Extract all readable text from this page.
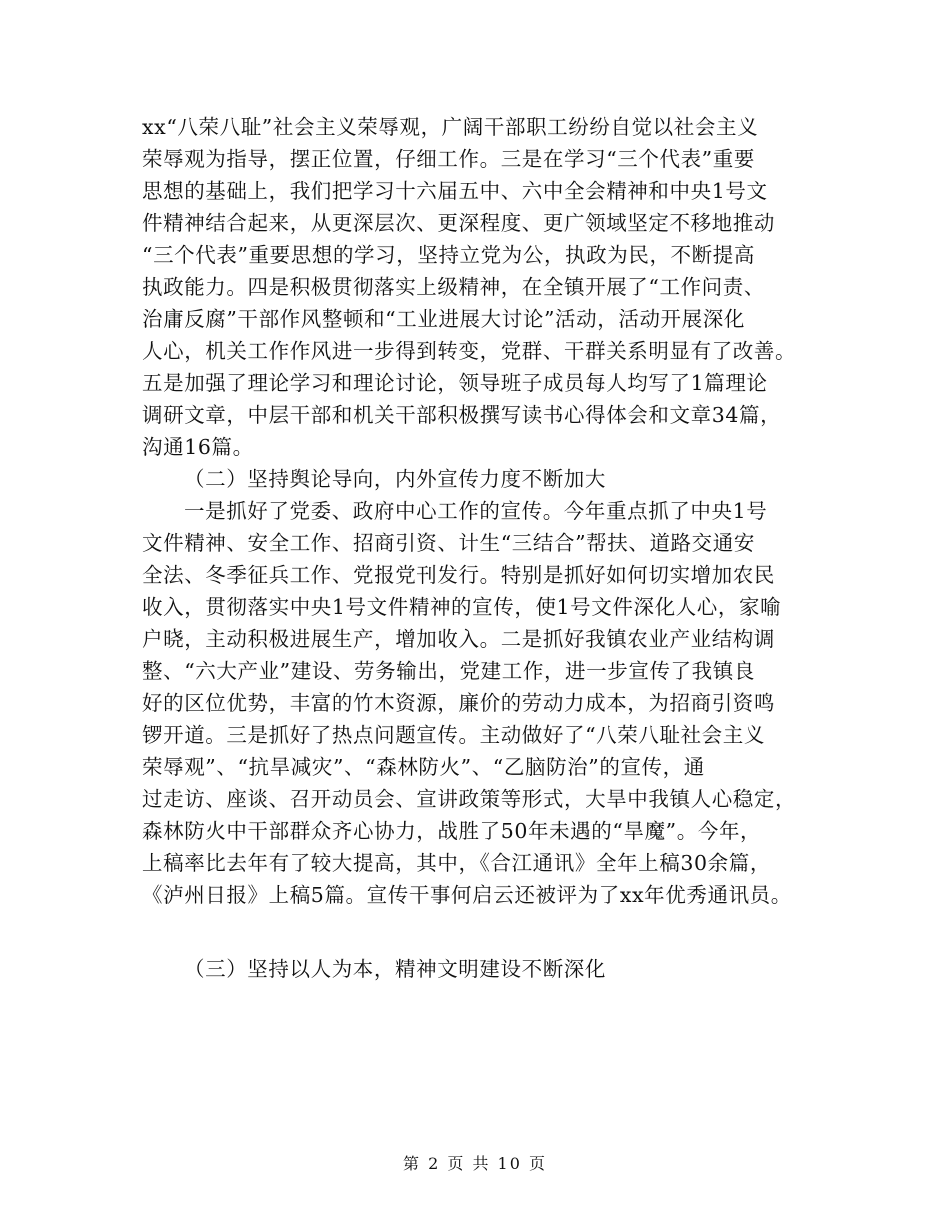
xx“八荣八耻”社会主义荣辱观，广阔干部职工纷纷自觉以社会主义
荣辱观为指导，摆正位置，仔细工作。三是在学习“三个代表”重要
思想的基础上，我们把学习十六届五中、六中全会精神和中央1号文
件精神结合起来，从更深层次、更深程度、更广领域坚定不移地推动
“三个代表”重要思想的学习，坚持立党为公，执政为民，不断提高
执政能力。四是积极贯彻落实上级精神，在全镇开展了“工作问责、
治庸反腐”干部作风整顿和“工业进展大讨论”活动，活动开展深化
人心，机关工作作风进一步得到转变，党群、干群关系明显有了改善。
五是加强了理论学习和理论讨论，领导班子成员每人均写了1篇理论
调研文章，中层干部和机关干部积极撰写读书心得体会和文章34篇，
沟通16篇。
（二）坚持舆论导向，内外宣传力度不断加大
一是抓好了党委、政府中心工作的宣传。今年重点抓了中央1号
文件精神、安全工作、招商引资、计生“三结合”帮扶、道路交通安
全法、冬季征兵工作、党报党刊发行。特别是抓好如何切实增加农民
收入，贯彻落实中央1号文件精神的宣传，使1号文件深化人心，家喻
户晓，主动积极进展生产，增加收入。二是抓好我镇农业产业结构调
整、“六大产业”建设、劳务输出，党建工作，进一步宣传了我镇良
好的区位优势，丰富的竹木资源，廉价的劳动力成本，为招商引资鸣
锣开道。三是抓好了热点问题宣传。主动做好了“八荣八耻社会主义
荣辱观”、“抗旱减灾”、“森林防火”、“乙脑防治”的宣传，通
过走访、座谈、召开动员会、宣讲政策等形式，大旱中我镇人心稳定，
森林防火中干部群众齐心协力，战胜了50年未遇的“旱魔”。今年，
上稿率比去年有了较大提高，其中，《合江通讯》全年上稿30余篇，
《泸州日报》上稿5篇。宣传干事何启云还被评为了xx年优秀通讯员。
（三）坚持以人为本，精神文明建设不断深化
第 2 页 共 10 页
